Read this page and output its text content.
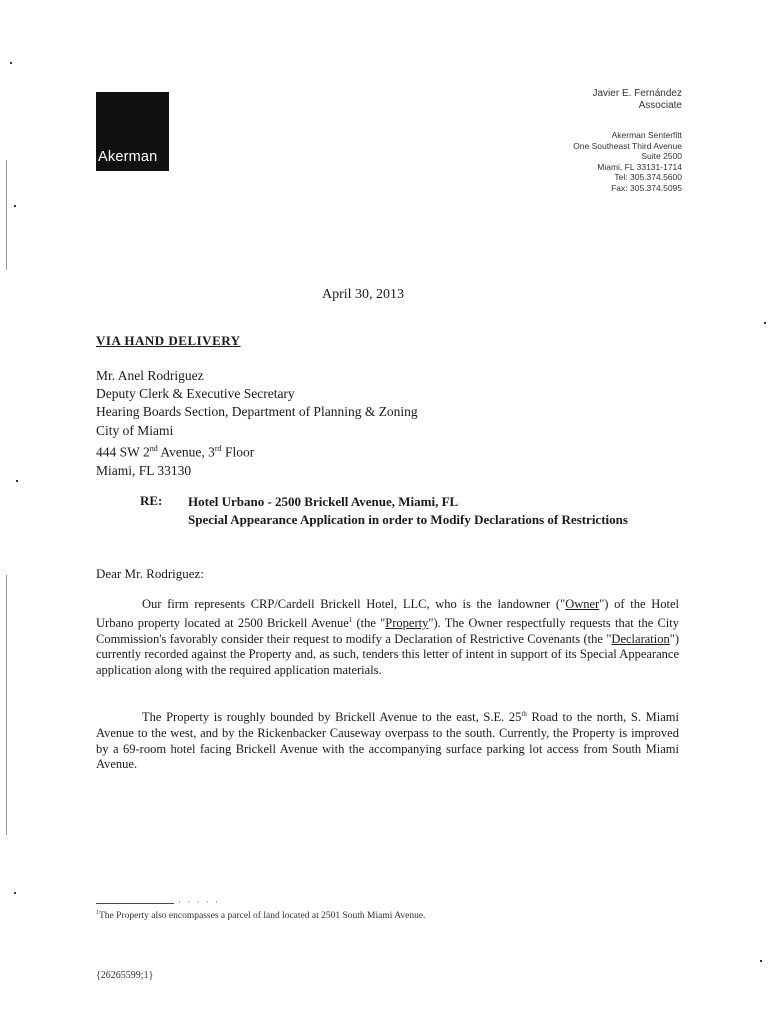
Akerman
Javier E. Fernández
Associate
Akerman Senterfitt
One Southeast Third Avenue
Suite 2500
Miami, FL 33131-1714
Tel: 305.374.5600
Fax: 305.374.5095
April 30, 2013
VIA HAND DELIVERY
Mr. Anel Rodriguez
Deputy Clerk & Executive Secretary
Hearing Boards Section, Department of Planning & Zoning
City of Miami
444 SW 2nd Avenue, 3rd Floor
Miami, FL 33130
RE: Hotel Urbano - 2500 Brickell Avenue, Miami, FL
Special Appearance Application in order to Modify Declarations of Restrictions
Dear Mr. Rodriguez:
Our firm represents CRP/Cardell Brickell Hotel, LLC, who is the landowner ("Owner") of the Hotel Urbano property located at 2500 Brickell Avenue$^1$ (the "Property"). The Owner respectfully requests that the City Commission's favorably consider their request to modify a Declaration of Restrictive Covenants (the "Declaration") currently recorded against the Property and, as such, tenders this letter of intent in support of its Special Appearance application along with the required application materials.
The Property is roughly bounded by Brickell Avenue to the east, S.E. 25th Road to the north, S. Miami Avenue to the west, and by the Rickenbacker Causeway overpass to the south. Currently, the Property is improved by a 69-room hotel facing Brickell Avenue with the accompanying surface parking lot access from South Miami Avenue.
· · · · ·
$^1$The Property also encompasses a parcel of land located at 2501 South Miami Avenue.
{26265599;1}
